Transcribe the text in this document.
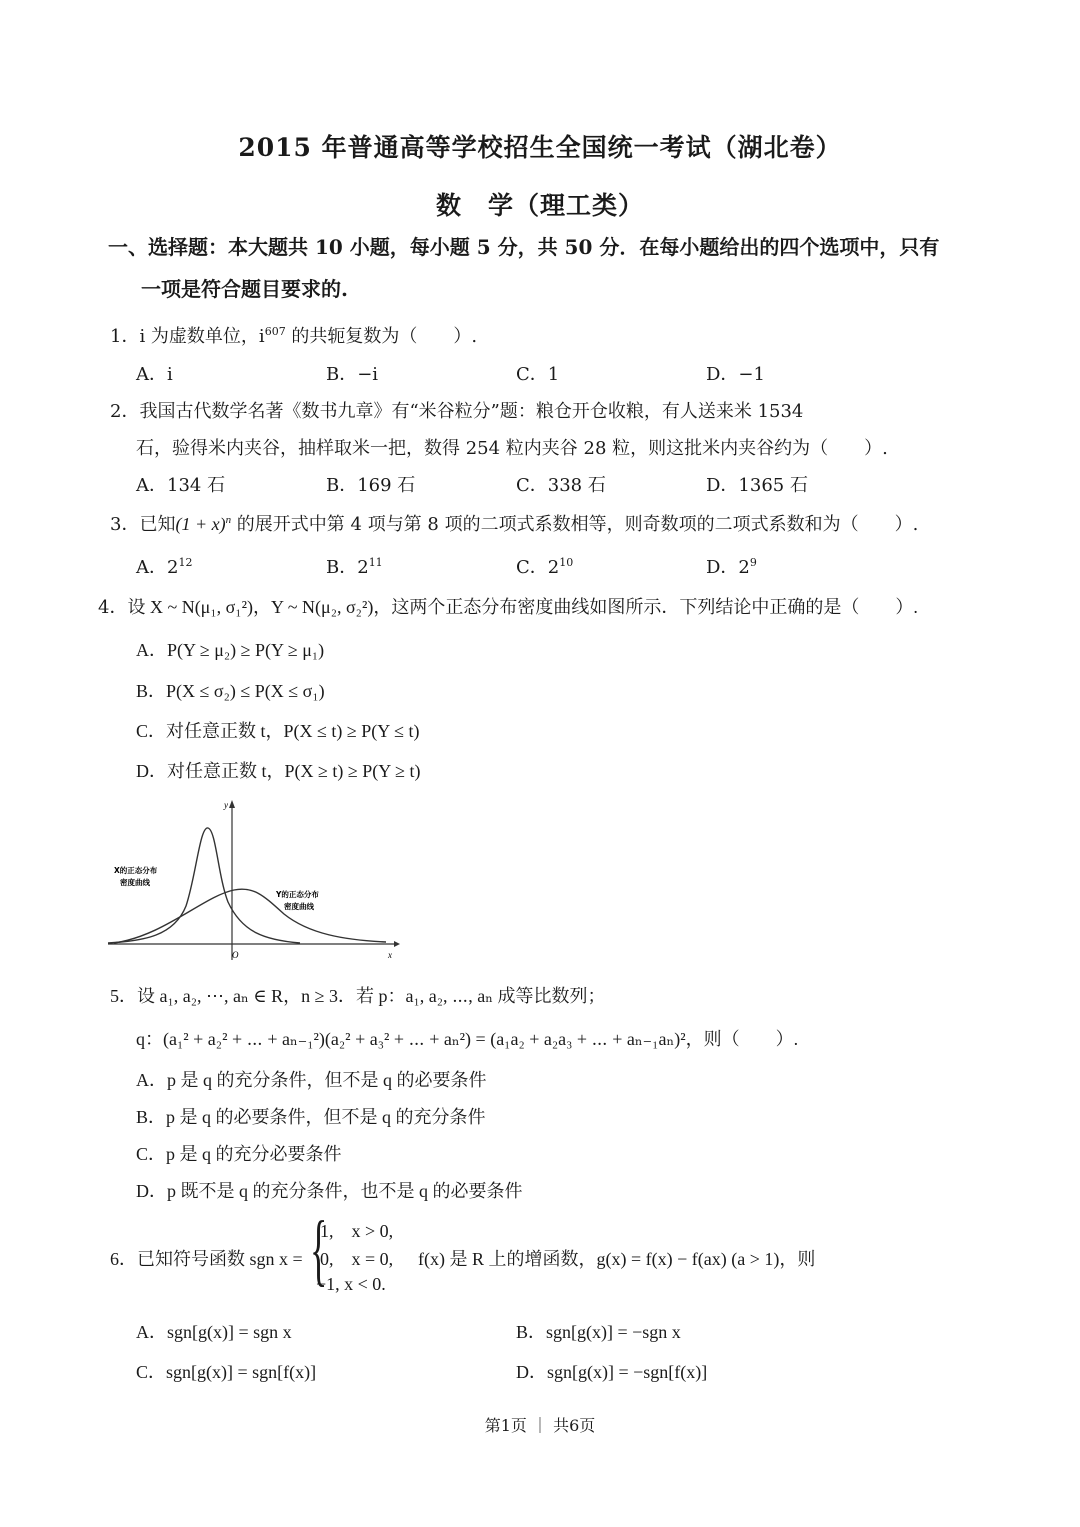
2015 年普通高等学校招生全国统一考试（湖北卷）
数　学（理工类）
一、选择题：本大题共 10 小题，每小题 5 分，共 50 分．在每小题给出的四个选项中，只有
一项是符合题目要求的.
1．i 为虚数单位，$i^{607}$ 的共轭复数为（　　）.
A．i	B．−i	C．1	D．−1
2．我国古代数学名著《数书九章》有“米谷粒分”题：粮仓开仓收粮，有人送来米 1534
石，验得米内夹谷，抽样取米一把，数得 254 粒内夹谷 28 粒，则这批米内夹谷约为（　　）.
A．134 石	B．169 石	C．338 石	D．1365 石
3．已知$(1 + x)^n$ 的展开式中第 4 项与第 8 项的二项式系数相等，则奇数项的二项式系数和为（　　）.
A．$2^{12}$	B．$2^{11}$	C．$2^{10}$	D．$2^9$
4．设 X ~ N(μ₁, σ₁²)，Y ~ N(μ₂, σ₂²)，这两个正态分布密度曲线如图所示．下列结论中正确的是（　　）.
A．P(Y ≥ μ₂) ≥ P(Y ≥ μ₁)
B．P(X ≤ σ₂) ≤ P(X ≤ σ₁)
C．对任意正数 t，P(X ≤ t) ≥ P(Y ≤ t)
D．对任意正数 t，P(X ≥ t) ≥ P(Y ≥ t)
y
x
O
X的正态分布
密度曲线
Y的正态分布
密度曲线
5．设 a₁, a₂, ⋯, aₙ ∈ R，n ≥ 3．若 p：a₁, a₂, ⋯, aₙ 成等比数列；
q：(a₁² + a₂² + ⋯ + aₙ₋₁²)(a₂² + a₃² + ⋯ + aₙ²) = (a₁a₂ + a₂a₃ + ⋯ + aₙ₋₁aₙ)²，则（　　）.
A．p 是 q 的充分条件，但不是 q 的必要条件
B．p 是 q 的必要条件，但不是 q 的充分条件
C．p 是 q 的充分必要条件
D．p 既不是 q 的充分条件，也不是 q 的必要条件
6．已知符号函数 sgn x = {
1,　x > 0,
0,　x = 0,
−1, x < 0.
f(x) 是 R 上的增函数，g(x) = f(x) − f(ax) (a > 1)，则
A．sgn[g(x)] = sgn x	B．sgn[g(x)] = −sgn x
C．sgn[g(x)] = sgn[f(x)]	D．sgn[g(x)] = −sgn[f(x)]
第1页 ｜ 共6页
